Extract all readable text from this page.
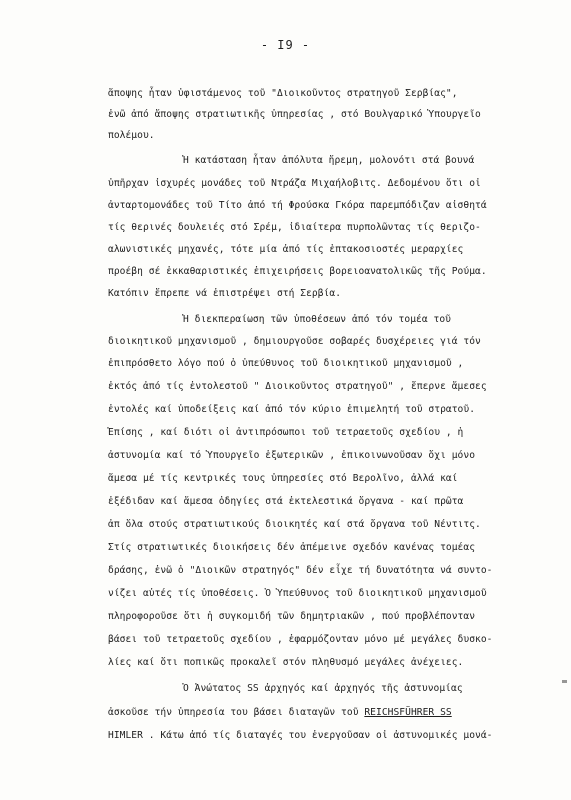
- I9 -
ἄποψης ἦταν ὑφιστάμενος τοῦ "Διοικοῦντος στρατηγοῦ Σερβίας",
ἐνῶ ἀπό ἄποψης στρατιωτικῆς ὑπηρεσίας , στό Βουλγαρικό Ὑπουργεῖο
πολέμου.
Ἡ κατάσταση ἦταν ἀπόλυτα ἤρεμη, μολονότι στά βουνά
ὑπῆρχαν ἰσχυρές μονάδες τοῦ Ντράζα Μιχαήλοβιτς. Δεδομένου ὅτι οἱ
ἀνταρτομονάδες τοῦ Τίτο ἀπό τή Φρούσκα Γκόρα παρεμπόδιζαν αἰσθητά
τίς θερινές δουλειές στό Σρέμ, ἰδιαίτερα πυρπολῶντας τίς θεριζο-
αλωνιστικές μηχανές, τότε μία ἀπό τίς ἑπτακοσιοστές μεραρχίες
προέβη σέ ἐκκαθαριστικές ἐπιχειρήσεις βορειοανατολικῶς τῆς Ρούμα.
Κατόπιν ἔπρεπε νά ἐπιστρέψει στή Σερβία.
Ἡ διεκπεραίωση τῶν ὑποθέσεων ἀπό τόν τομέα τοῦ
διοικητικοῦ μηχανισμοῦ , δημιουργοῦσε σοβαρές δυσχέρειες γιά τόν
ἐπιπρόσθετο λόγο πού ὁ ὑπεύθυνος τοῦ διοικητικοῦ μηχανισμοῦ ,
ἐκτός ἀπό τίς ἐντολεστοῦ " Διοικοῦντος στρατηγοῦ" , ἔπερνε ἄμεσες
ἐντολές καί ὑποδείξεις καί ἀπό τόν κύριο ἐπιμελητή τοῦ στρατοῦ.
Ἐπίσης , καί διότι οἱ ἀντιπρόσωποι τοῦ τετραετοῦς σχεδίου , ἡ
ἀστυνομία καί τό Ὑπουργεῖο ἐξωτερικῶν , ἐπικοινωνοῦσαν ὄχι μόνο
ἄμεσα μέ τίς κεντρικές τους ὑπηρεσίες στό Βερολῖνο, ἀλλά καί
ἐξέδιδαν καί ἄμεσα ὁδηγίες στά ἐκτελεστικά ὄργανα - καί πρῶτα
ἀπ ὅλα στούς στρατιωτικούς διοικητές καί στά ὄργανα τοῦ Νέντιτς.
Στίς στρατιωτικές διοικήσεις δέν ἀπέμεινε σχεδόν κανένας τομέας
δράσης, ἐνῶ ὁ "Διοικῶν στρατηγός" δέν εἶχε τή δυνατότητα νά συντο-
νίζει αὐτές τίς ὑποθέσεις. Ὁ Ὑπεύθυνος τοῦ διοικητικοῦ μηχανισμοῦ
πληροφοροῦσε ὅτι ἡ συγκομιδή τῶν δημητριακῶν , πού προβλέπονταν
βάσει τοῦ τετραετοῦς σχεδίου , ἐφαρμόζονταν μόνο μέ μεγάλες δυσκο-
λίες καί ὅτι ποπικῶς προκαλεῖ στόν πληθυσμό μεγάλες ἀνέχειες.
Ὁ Ἀνώτατος SS ἀρχηγός καί ἀρχηγός τῆς ἀστυνομίας
ἀσκοῦσε τήν ὑπηρεσία του βάσει διαταγῶν τοῦ REICHSFÜHRER SS
HIMLER . Κάτω ἀπό τίς διαταγές του ἐνεργοῦσαν οἱ ἀστυνομικές μονά-
